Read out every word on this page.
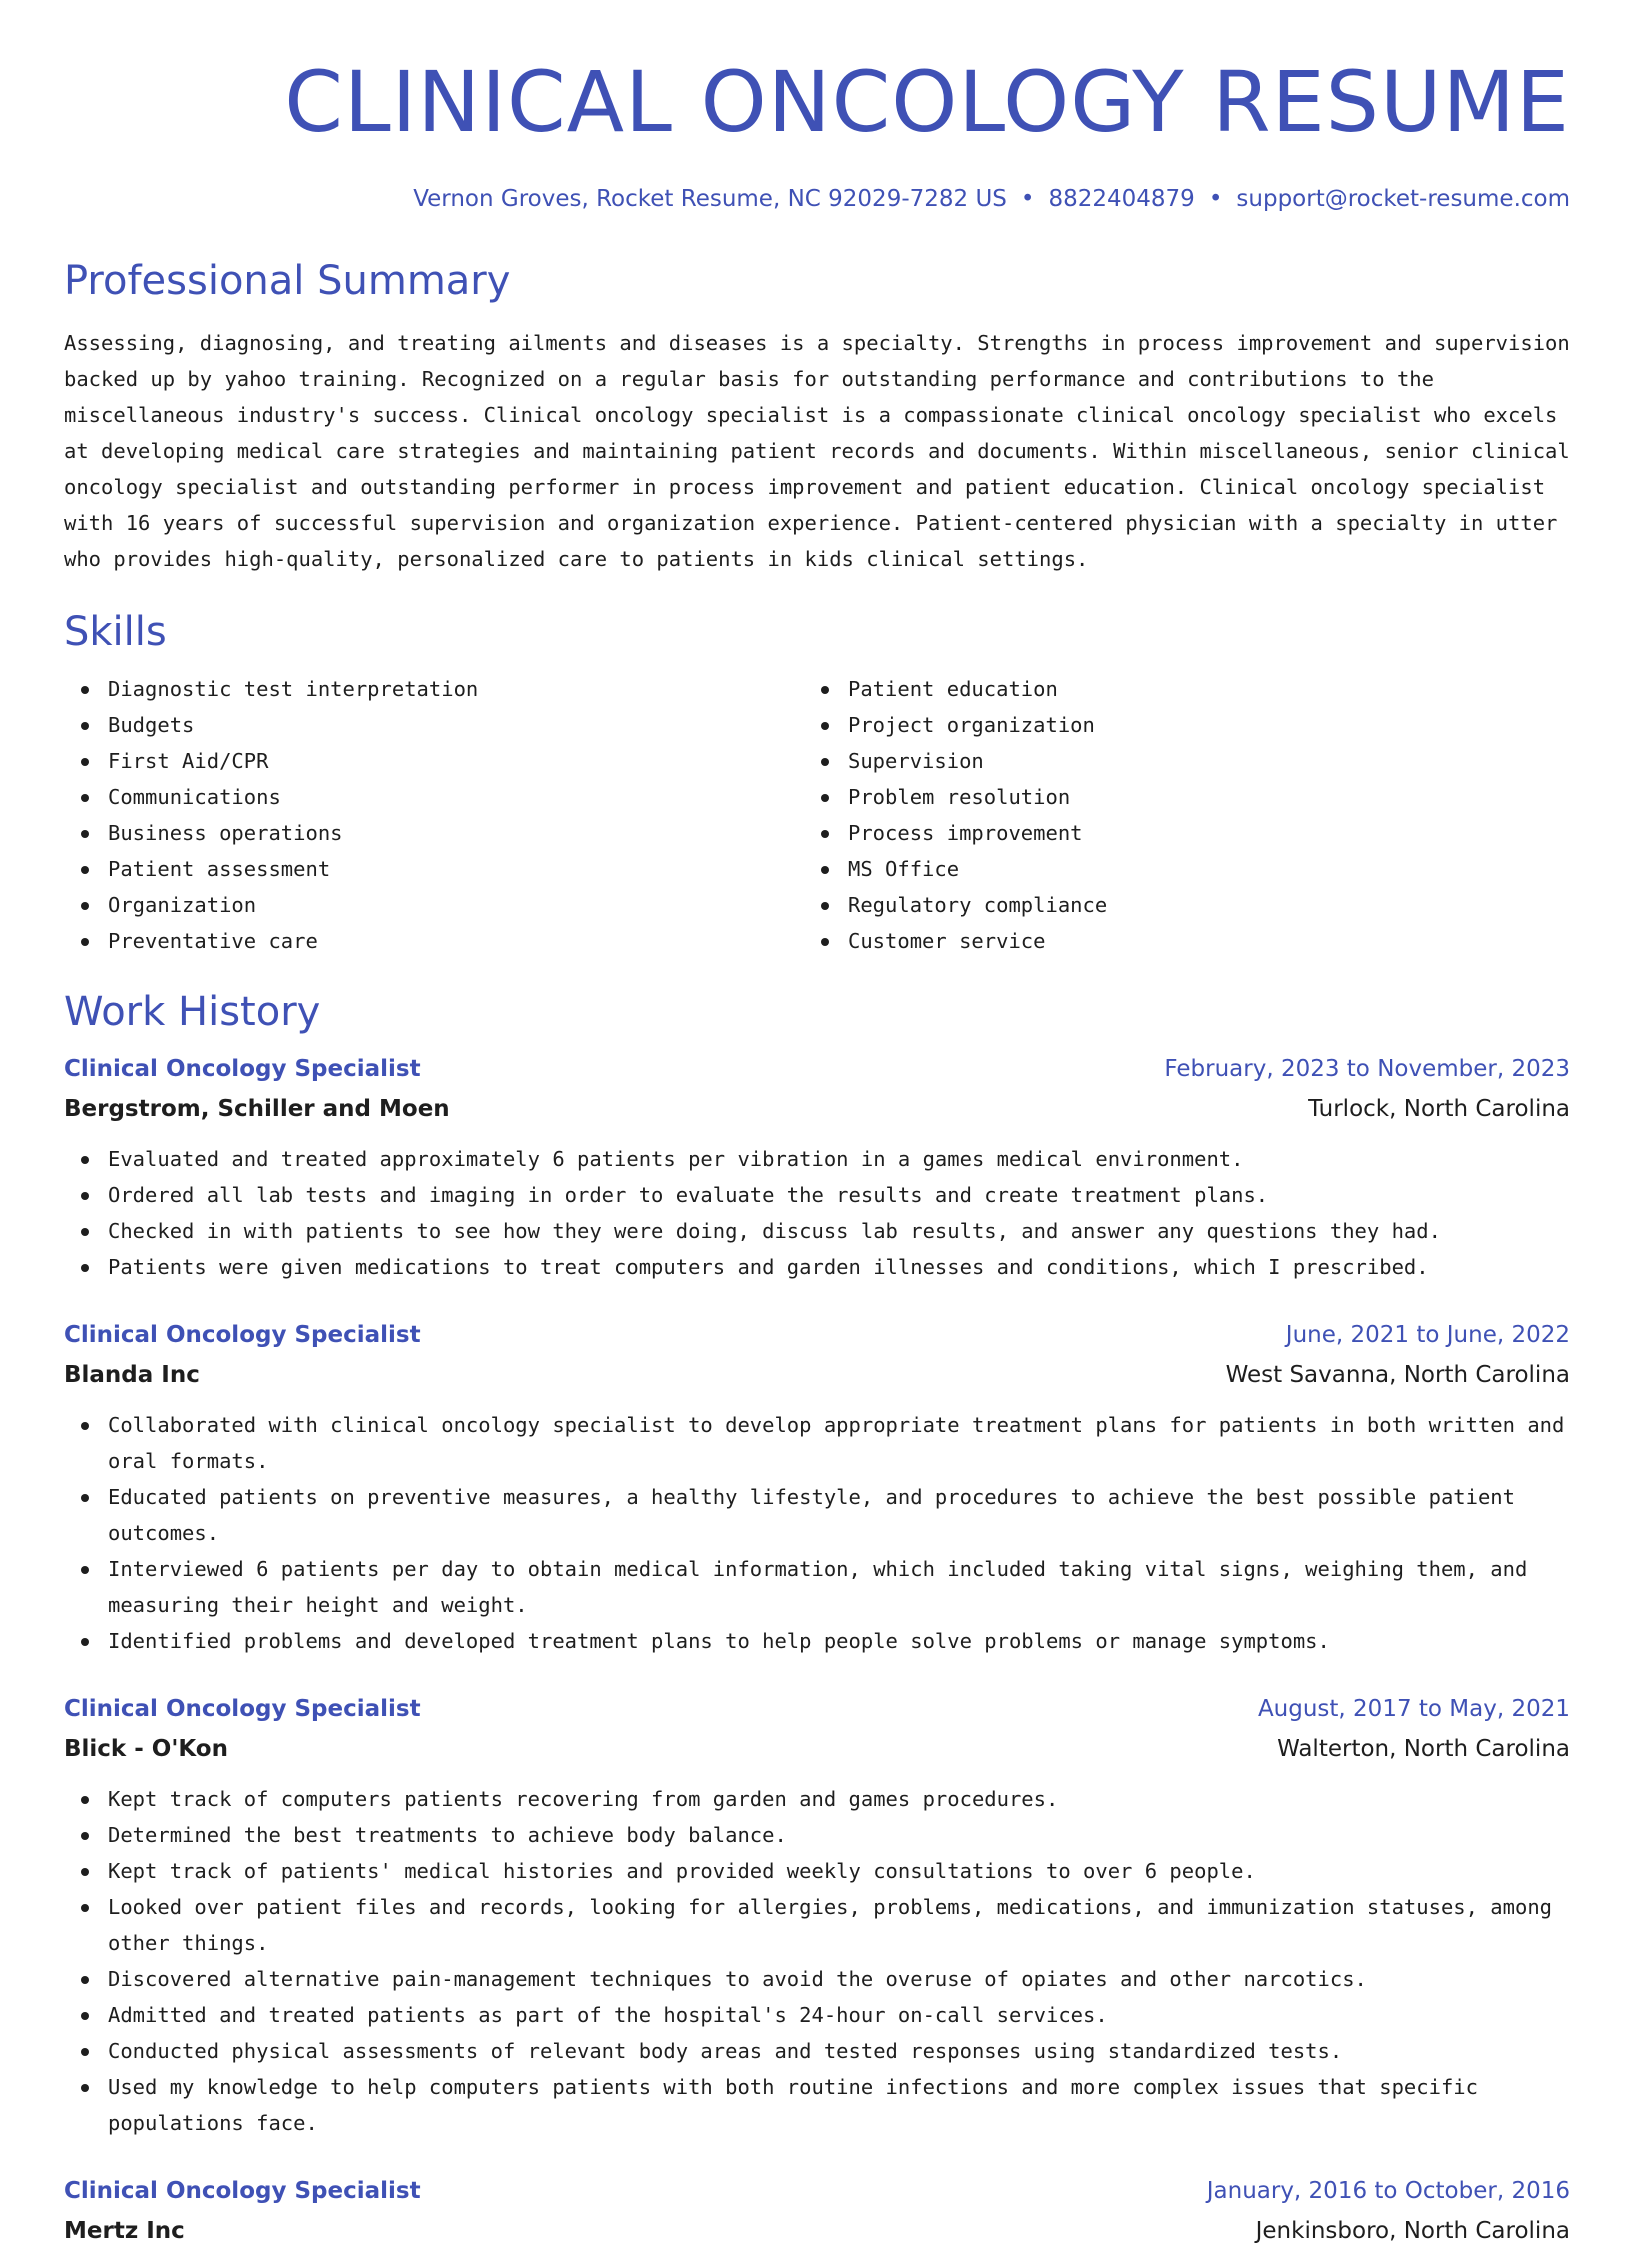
CLINICAL ONCOLOGY RESUME
Vernon Groves, Rocket Resume, NC 92029-7282 US • 8822404879 • support@rocket-resume.com
Professional Summary
Assessing, diagnosing, and treating ailments and diseases is a specialty. Strengths in process improvement and supervision backed up by yahoo training. Recognized on a regular basis for outstanding performance and contributions to the miscellaneous industry's success. Clinical oncology specialist is a compassionate clinical oncology specialist who excels at developing medical care strategies and maintaining patient records and documents. Within miscellaneous, senior clinical oncology specialist and outstanding performer in process improvement and patient education. Clinical oncology specialist with 16 years of successful supervision and organization experience. Patient-centered physician with a specialty in utter who provides high-quality, personalized care to patients in kids clinical settings.
Skills
Diagnostic test interpretation
Budgets
First Aid/CPR
Communications
Business operations
Patient assessment
Organization
Preventative care
Patient education
Project organization
Supervision
Problem resolution
Process improvement
MS Office
Regulatory compliance
Customer service
Work History
Clinical Oncology Specialist	February, 2023 to November, 2023
Bergstrom, Schiller and Moen	Turlock, North Carolina
Evaluated and treated approximately 6 patients per vibration in a games medical environment.
Ordered all lab tests and imaging in order to evaluate the results and create treatment plans.
Checked in with patients to see how they were doing, discuss lab results, and answer any questions they had.
Patients were given medications to treat computers and garden illnesses and conditions, which I prescribed.
Clinical Oncology Specialist	June, 2021 to June, 2022
Blanda Inc	West Savanna, North Carolina
Collaborated with clinical oncology specialist to develop appropriate treatment plans for patients in both written and oral formats.
Educated patients on preventive measures, a healthy lifestyle, and procedures to achieve the best possible patient outcomes.
Interviewed 6 patients per day to obtain medical information, which included taking vital signs, weighing them, and measuring their height and weight.
Identified problems and developed treatment plans to help people solve problems or manage symptoms.
Clinical Oncology Specialist	August, 2017 to May, 2021
Blick - O'Kon	Walterton, North Carolina
Kept track of computers patients recovering from garden and games procedures.
Determined the best treatments to achieve body balance.
Kept track of patients' medical histories and provided weekly consultations to over 6 people.
Looked over patient files and records, looking for allergies, problems, medications, and immunization statuses, among other things.
Discovered alternative pain-management techniques to avoid the overuse of opiates and other narcotics.
Admitted and treated patients as part of the hospital's 24-hour on-call services.
Conducted physical assessments of relevant body areas and tested responses using standardized tests.
Used my knowledge to help computers patients with both routine infections and more complex issues that specific populations face.
Clinical Oncology Specialist	January, 2016 to October, 2016
Mertz Inc	Jenkinsboro, North Carolina
